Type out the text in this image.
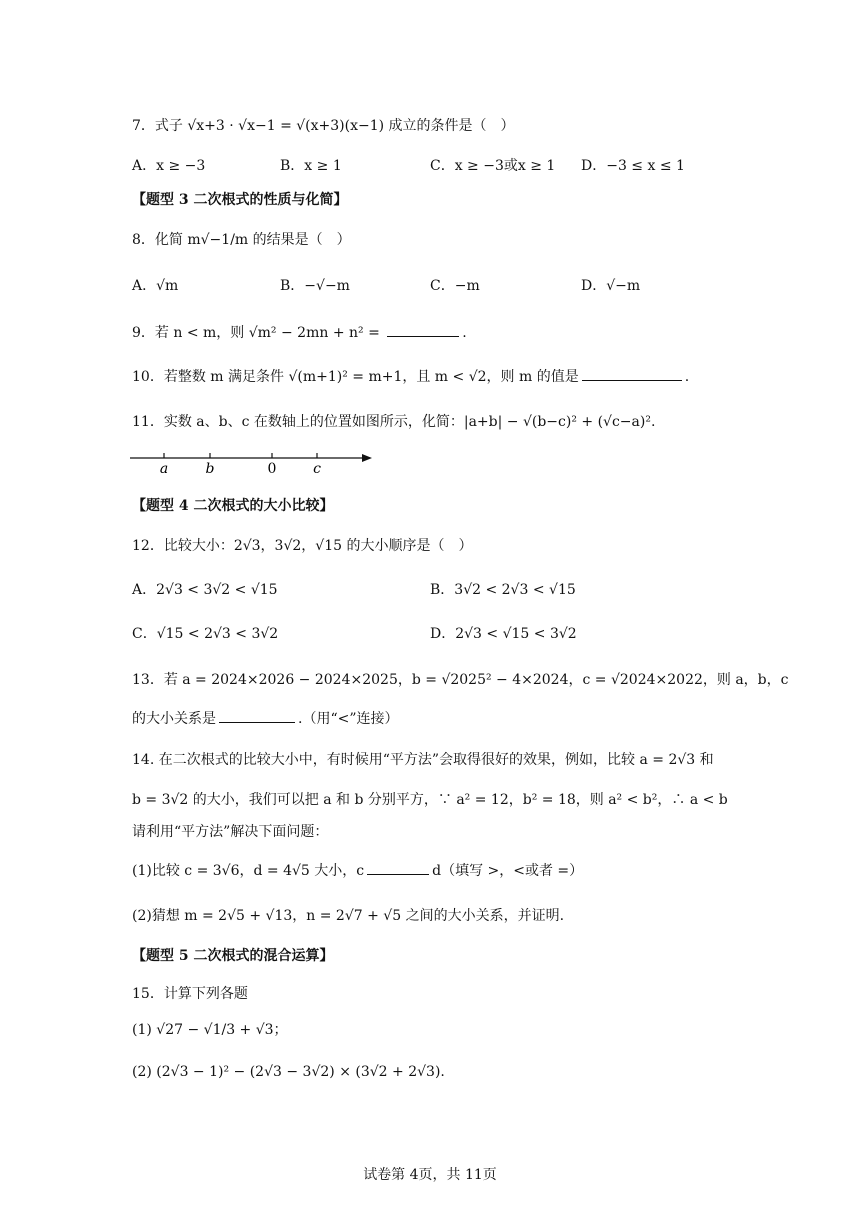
7．式子 √x+3 · √x−1 = √(x+3)(x−1) 成立的条件是（　）
A．x ≥ −3	B．x ≥ 1	C．x ≥ −3或x ≥ 1 D．−3 ≤ x ≤ 1
【题型 3 二次根式的性质与化简】
8．化简 m√−1/m 的结果是（　）
A．√m	B．−√−m	C．−m	D．√−m
9．若 n < m，则 √m² − 2mn + n² =	.
10．若整数 m 满足条件 √(m+1)² = m+1，且 m < √2，则 m 的值是	.
11．实数 a、b、c 在数轴上的位置如图所示，化简：|a+b| − √(b−c)² + (√c−a)².
a	b	0	c
【题型 4 二次根式的大小比较】
12．比较大小：2√3，3√2，√15 的大小顺序是（　）
A．2√3 < 3√2 < √15	B．3√2 < 2√3 < √15
C．√15 < 2√3 < 3√2	D．2√3 < √15 < 3√2
13．若 a = 2024×2026 − 2024×2025，b = √2025² − 4×2024，c = √2024×2022，则 a，b，c
的大小关系是	.（用“<”连接）
14. 在二次根式的比较大小中，有时候用“平方法”会取得很好的效果，例如，比较 a = 2√3 和
b = 3√2 的大小，我们可以把 a 和 b 分别平方，∵ a² = 12，b² = 18，则 a² < b²，∴ a < b
请利用“平方法”解决下面问题：
(1)比较 c = 3√6，d = 4√5 大小，c	d（填写 >，<或者 =）
(2)猜想 m = 2√5 + √13，n = 2√7 + √5 之间的大小关系，并证明.
【题型 5 二次根式的混合运算】
15．计算下列各题
(1) √27 − √1/3 + √3；
(2) (2√3 − 1)² − (2√3 − 3√2) × (3√2 + 2√3).
试卷第 4页，共 11页
